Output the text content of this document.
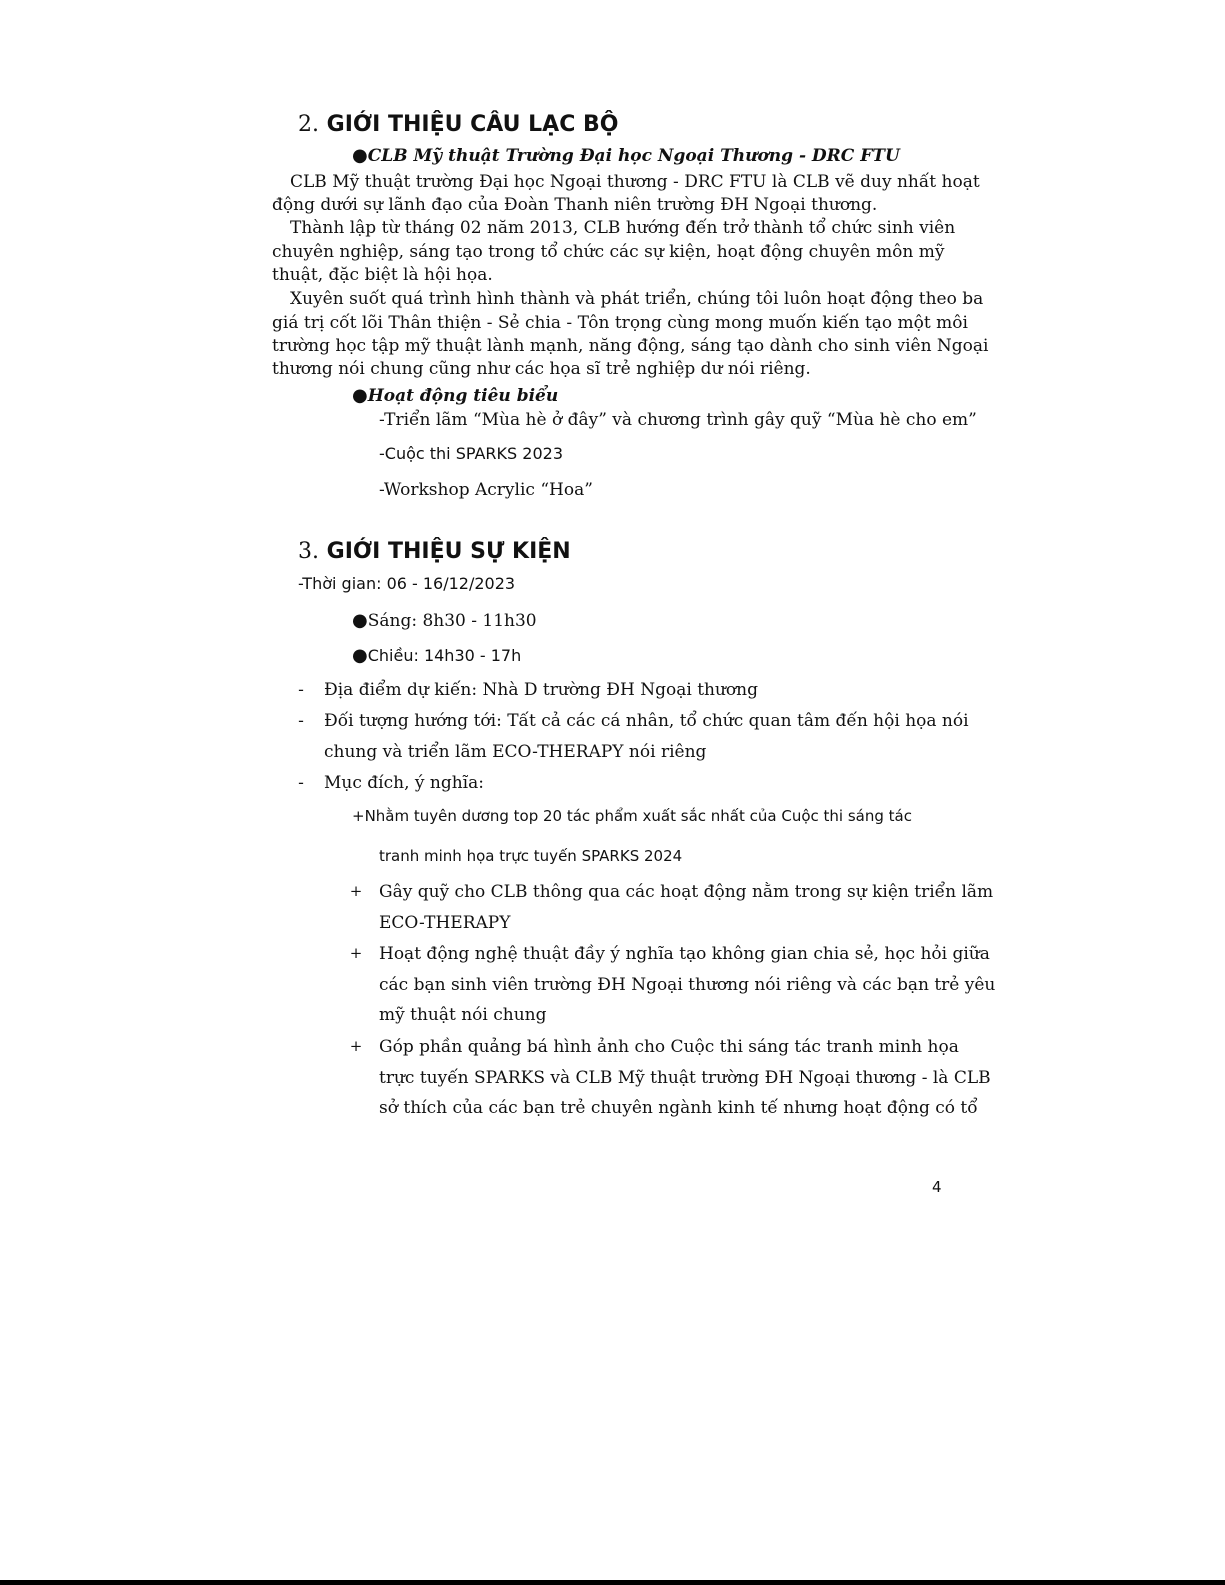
2. GIỚI THIỆU CÂU LẠC BỘ
●CLB Mỹ thuật Trường Đại học Ngoại Thương - DRC FTU
CLB Mỹ thuật trường Đại học Ngoại thương - DRC FTU là CLB vẽ duy nhất hoạt
động dưới sự lãnh đạo của Đoàn Thanh niên trường ĐH Ngoại thương.
Thành lập từ tháng 02 năm 2013, CLB hướng đến trở thành tổ chức sinh viên
chuyên nghiệp, sáng tạo trong tổ chức các sự kiện, hoạt động chuyên môn mỹ
thuật, đặc biệt là hội họa.
Xuyên suốt quá trình hình thành và phát triển, chúng tôi luôn hoạt động theo ba
giá trị cốt lõi Thân thiện - Sẻ chia - Tôn trọng cùng mong muốn kiến tạo một môi
trường học tập mỹ thuật lành mạnh, năng động, sáng tạo dành cho sinh viên Ngoại
thương nói chung cũng như các họa sĩ trẻ nghiệp dư nói riêng.
●Hoạt động tiêu biểu
-Triển lãm “Mùa hè ở đây” và chương trình gây quỹ “Mùa hè cho em”
-Cuộc thi SPARKS 2023
-Workshop Acrylic “Hoa”
3. GIỚI THIỆU SỰ KIỆN
-Thời gian: 06 - 16/12/2023
●Sáng: 8h30 - 11h30
●Chiều: 14h30 - 17h
-	Địa điểm dự kiến: Nhà D trường ĐH Ngoại thương
-	Đối tượng hướng tới: Tất cả các cá nhân, tổ chức quan tâm đến hội họa nói
chung và triển lãm ECO-THERAPY nói riêng
-	Mục đích, ý nghĩa:
+Nhằm tuyên dương top 20 tác phẩm xuất sắc nhất của Cuộc thi sáng tác
tranh minh họa trực tuyến SPARKS 2024
+ Gây quỹ cho CLB thông qua các hoạt động nằm trong sự kiện triển lãm
ECO-THERAPY
+ Hoạt động nghệ thuật đầy ý nghĩa tạo không gian chia sẻ, học hỏi giữa
các bạn sinh viên trường ĐH Ngoại thương nói riêng và các bạn trẻ yêu
mỹ thuật nói chung
+ Góp phần quảng bá hình ảnh cho Cuộc thi sáng tác tranh minh họa
trực tuyến SPARKS và CLB Mỹ thuật trường ĐH Ngoại thương - là CLB
sở thích của các bạn trẻ chuyên ngành kinh tế nhưng hoạt động có tổ
4
